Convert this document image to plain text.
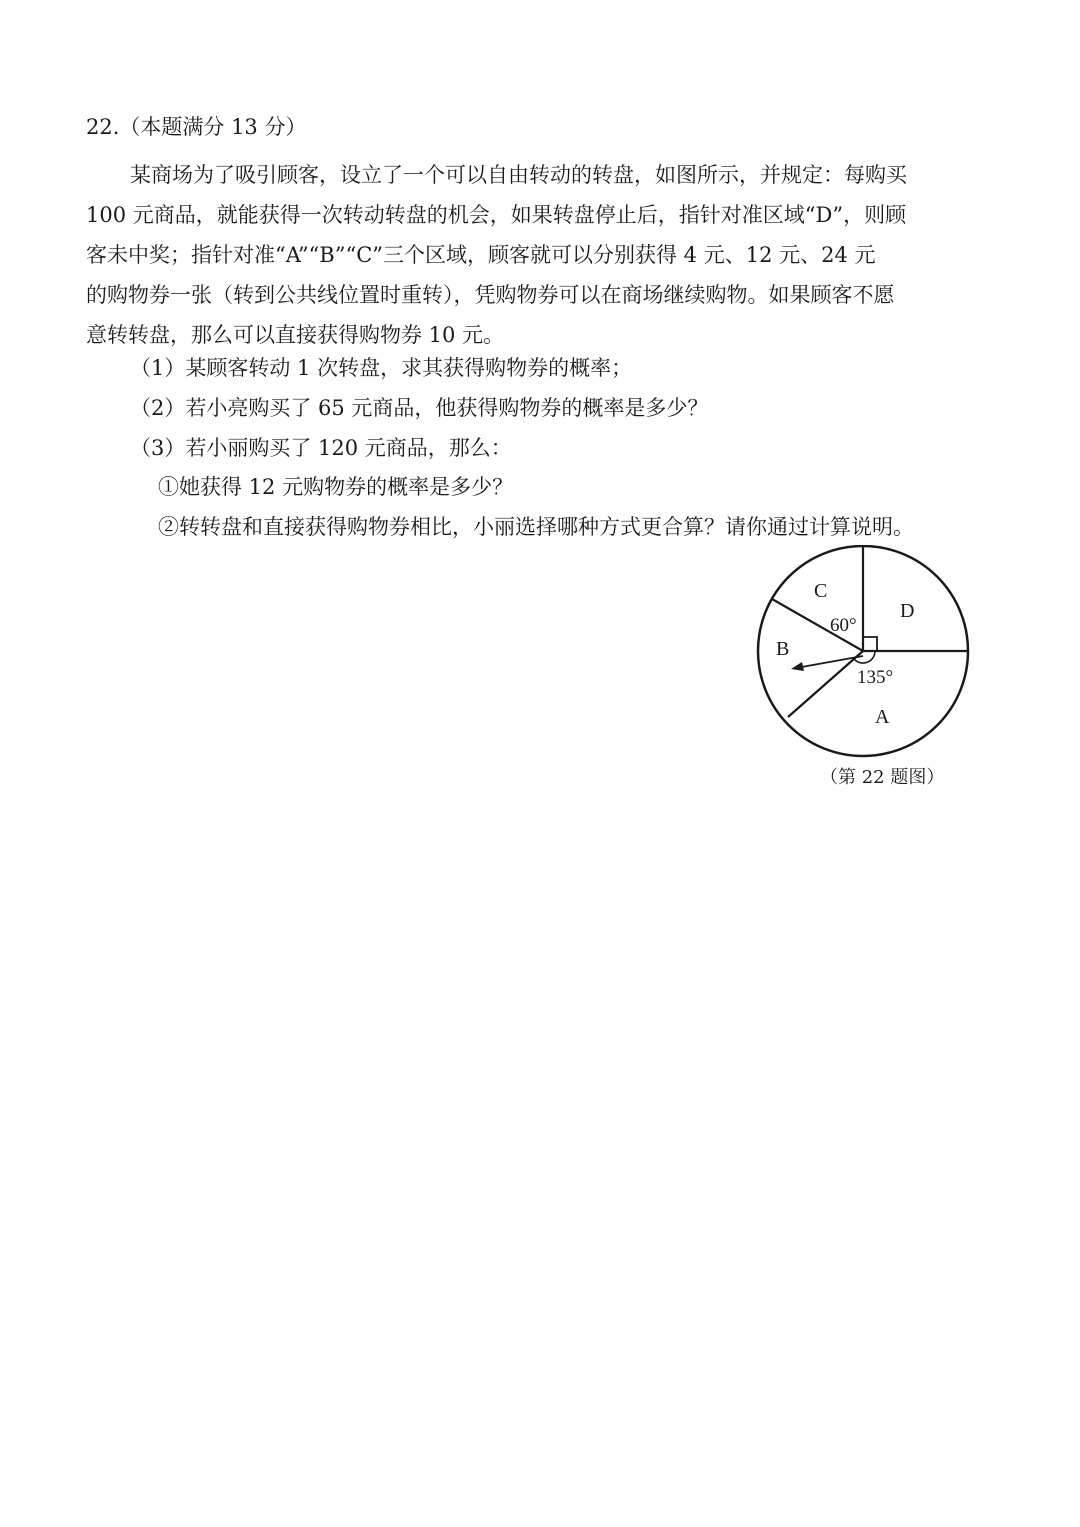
22.（本题满分 13 分）
某商场为了吸引顾客，设立了一个可以自由转动的转盘，如图所示，并规定：每购买
100 元商品，就能获得一次转动转盘的机会，如果转盘停止后，指针对准区域“D”，则顾
客未中奖；指针对准“A”“B”“C”三个区域，顾客就可以分别获得 4 元、12 元、24 元
的购物券一张（转到公共线位置时重转），凭购物券可以在商场继续购物。如果顾客不愿
意转转盘，那么可以直接获得购物券 10 元。
（1）某顾客转动 1 次转盘，求其获得购物券的概率；
（2）若小亮购买了 65 元商品，他获得购物券的概率是多少？
（3）若小丽购买了 120 元商品，那么：
①她获得 12 元购物券的概率是多少？
②转转盘和直接获得购物券相比，小丽选择哪种方式更合算？请你通过计算说明。
C
D
B
A
60°
135°
（第 22 题图）
